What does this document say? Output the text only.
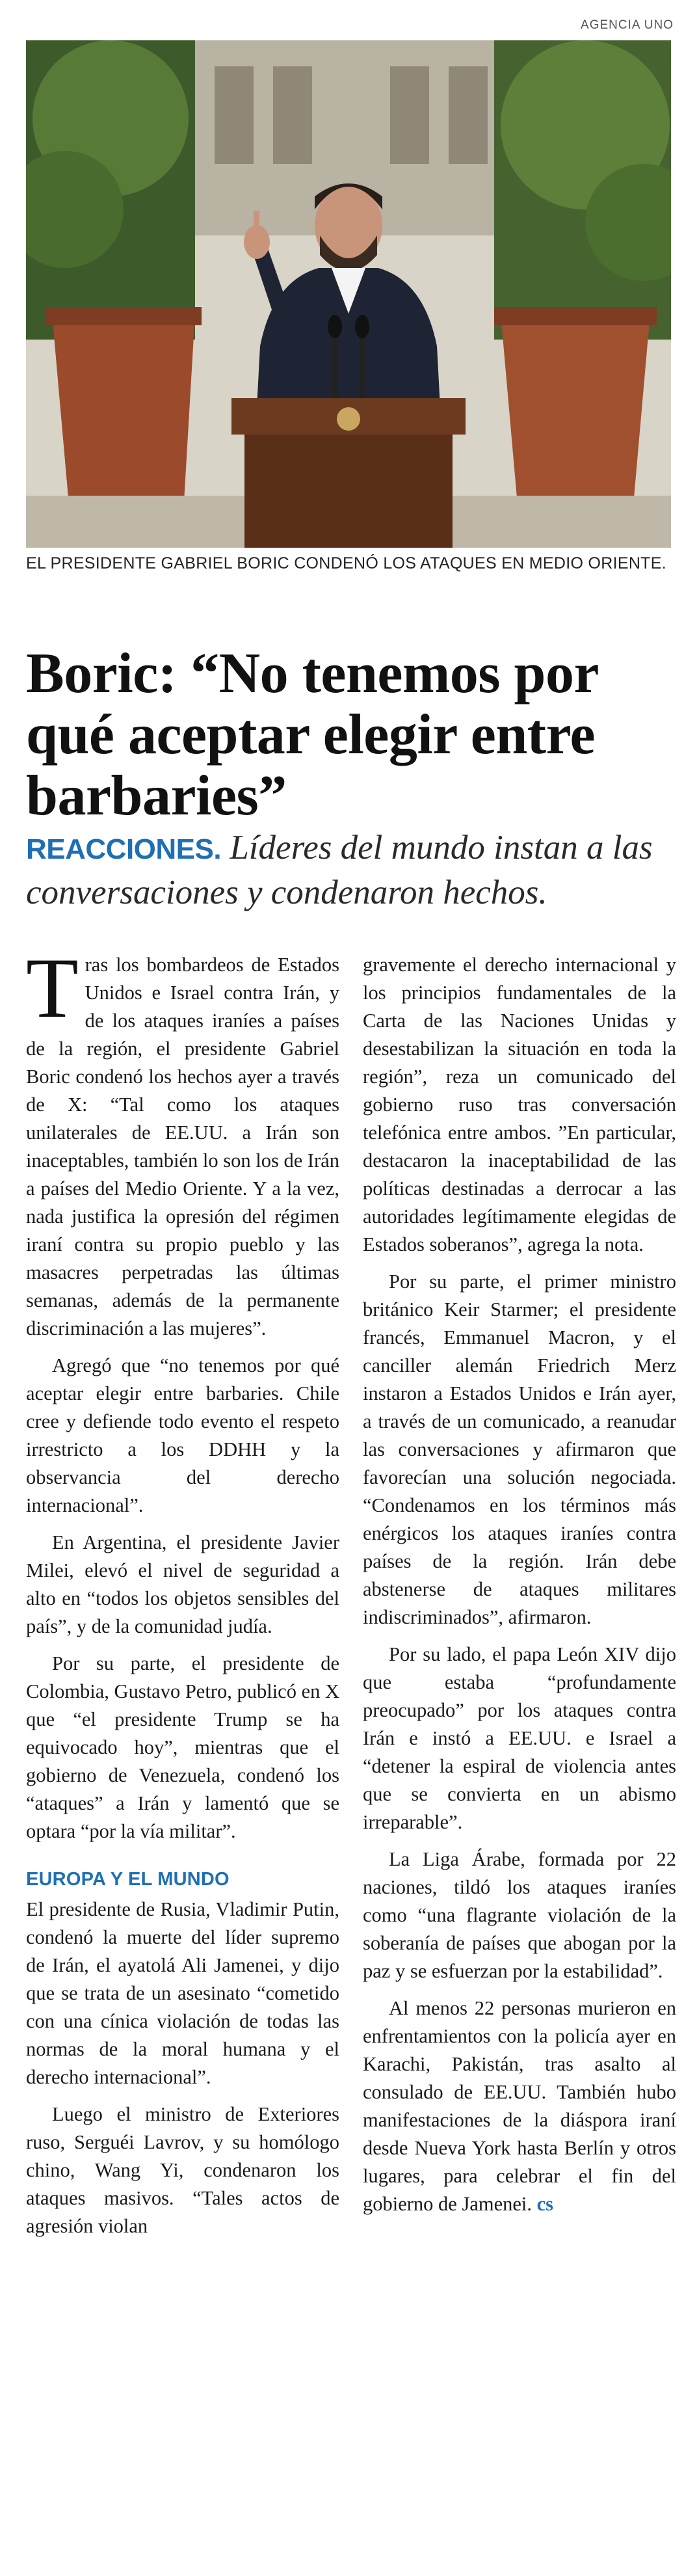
AGENCIA UNO
EL PRESIDENTE GABRIEL BORIC CONDENÓ LOS ATAQUES EN MEDIO ORIENTE.
Boric: “No tenemos por qué aceptar elegir entre barbaries”
REACCIONES. Líderes del mundo instan a las conversaciones y condenaron hechos.

Tras los bombardeos de Estados Unidos e Israel contra Irán, y de los ataques iraníes a países de la región, el presidente Gabriel Boric condenó los hechos ayer a través de X: “Tal como los ataques unilaterales de EE.UU. a Irán son inaceptables, también lo son los de Irán a países del Medio Oriente. Y a la vez, nada justifica la opresión del régimen iraní contra su propio pueblo y las masacres perpetradas las últimas semanas, además de la permanente discriminación a las mujeres”.

Agregó que “no tenemos por qué aceptar elegir entre barbaries. Chile cree y defiende todo evento el respeto irrestricto a los DDHH y la observancia del derecho internacional”.

En Argentina, el presidente Javier Milei, elevó el nivel de seguridad a alto en “todos los objetos sensibles del país”, y de la comunidad judía.

Por su parte, el presidente de Colombia, Gustavo Petro, publicó en X que “el presidente Trump se ha equivocado hoy”, mientras que el gobierno de Venezuela, condenó los “ataques” a Irán y lamentó que se optara “por la vía militar”.

EUROPA Y EL MUNDO

El presidente de Rusia, Vladimir Putin, condenó la muerte del líder supremo de Irán, el ayatolá Ali Jamenei, y dijo que se trata de un asesinato “cometido con una cínica violación de todas las normas de la moral humana y el derecho internacional”.

Luego el ministro de Exteriores ruso, Serguéi Lavrov, y su homólogo chino, Wang Yi, condenaron los ataques masivos. “Tales actos de agresión violan

gravemente el derecho internacional y los principios fundamentales de la Carta de las Naciones Unidas y desestabilizan la situación en toda la región”, reza un comunicado del gobierno ruso tras conversación telefónica entre ambos. ”En particular, destacaron la inaceptabilidad de las políticas destinadas a derrocar a las autoridades legítimamente elegidas de Estados soberanos”, agrega la nota.

Por su parte, el primer ministro británico Keir Starmer; el presidente francés, Emmanuel Macron, y el canciller alemán Friedrich Merz instaron a Estados Unidos e Irán ayer, a través de un comunicado, a reanudar las conversaciones y afirmaron que favorecían una solución negociada. “Condenamos en los términos más enérgicos los ataques iraníes contra países de la región. Irán debe abstenerse de ataques militares indiscriminados”, afirmaron.

Por su lado, el papa León XIV dijo que estaba “profundamente preocupado” por los ataques contra Irán e instó a EE.UU. e Israel a “detener la espiral de violencia antes que se convierta en un abismo irreparable”.

La Liga Árabe, formada por 22 naciones, tildó los ataques iraníes como “una flagrante violación de la soberanía de países que abogan por la paz y se esfuerzan por la estabilidad”.

Al menos 22 personas murieron en enfrentamientos con la policía ayer en Karachi, Pakistán, tras asalto al consulado de EE.UU. También hubo manifestaciones de la diáspora iraní desde Nueva York hasta Berlín y otros lugares, para celebrar el fin del gobierno de Jamenei. cs
